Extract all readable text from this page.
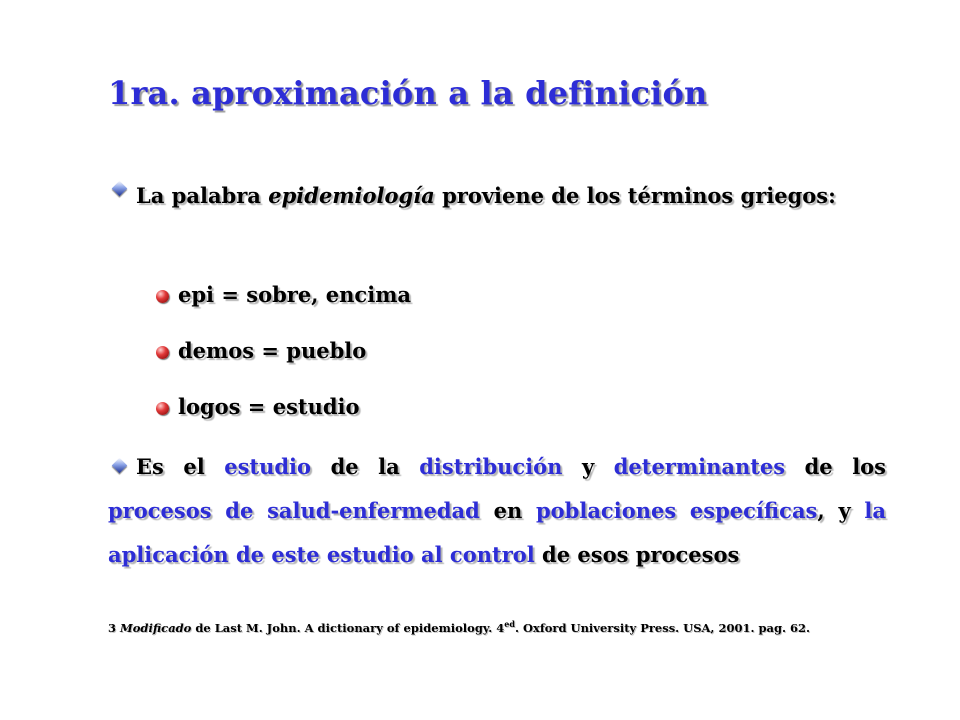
1ra. aproximación a la definición
La palabra epidemiología proviene de los términos griegos:
epi = sobre, encima
demos = pueblo
logos = estudio
Es el estudio de la distribución y determinantes de los procesos de salud-enfermedad en poblaciones específicas, y la aplicación de este estudio al control de esos procesos
3 Modificado de Last M. John. A dictionary of epidemiology. $4^{ed}$. Oxford University Press. USA, 2001. pag. 62.
